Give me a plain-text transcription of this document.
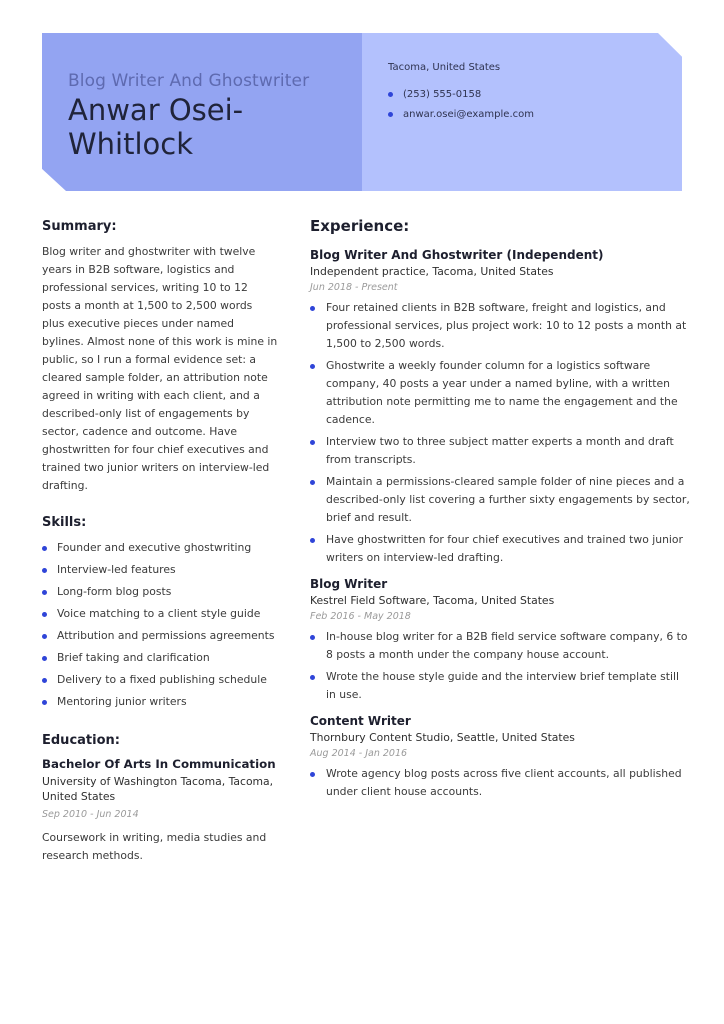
Blog Writer And Ghostwriter
Anwar Osei-Whitlock
Tacoma, United States
(253) 555-0158
anwar.osei@example.com
Summary:
Blog writer and ghostwriter with twelve years in B2B software, logistics and professional services, writing 10 to 12 posts a month at 1,500 to 2,500 words plus executive pieces under named bylines. Almost none of this work is mine in public, so I run a formal evidence set: a cleared sample folder, an attribution note agreed in writing with each client, and a described-only list of engagements by sector, cadence and outcome. Have ghostwritten for four chief executives and trained two junior writers on interview-led drafting.
Skills:
Founder and executive ghostwriting
Interview-led features
Long-form blog posts
Voice matching to a client style guide
Attribution and permissions agreements
Brief taking and clarification
Delivery to a fixed publishing schedule
Mentoring junior writers
Education:
Bachelor Of Arts In Communication
University of Washington Tacoma, Tacoma, United States
Sep 2010 - Jun 2014
Coursework in writing, media studies and research methods.
Experience:
Blog Writer And Ghostwriter (Independent)
Independent practice, Tacoma, United States
Jun 2018 - Present
Four retained clients in B2B software, freight and logistics, and professional services, plus project work: 10 to 12 posts a month at 1,500 to 2,500 words.
Ghostwrite a weekly founder column for a logistics software company, 40 posts a year under a named byline, with a written attribution note permitting me to name the engagement and the cadence.
Interview two to three subject matter experts a month and draft from transcripts.
Maintain a permissions-cleared sample folder of nine pieces and a described-only list covering a further sixty engagements by sector, brief and result.
Have ghostwritten for four chief executives and trained two junior writers on interview-led drafting.
Blog Writer
Kestrel Field Software, Tacoma, United States
Feb 2016 - May 2018
In-house blog writer for a B2B field service software company, 6 to 8 posts a month under the company house account.
Wrote the house style guide and the interview brief template still in use.
Content Writer
Thornbury Content Studio, Seattle, United States
Aug 2014 - Jan 2016
Wrote agency blog posts across five client accounts, all published under client house accounts.
